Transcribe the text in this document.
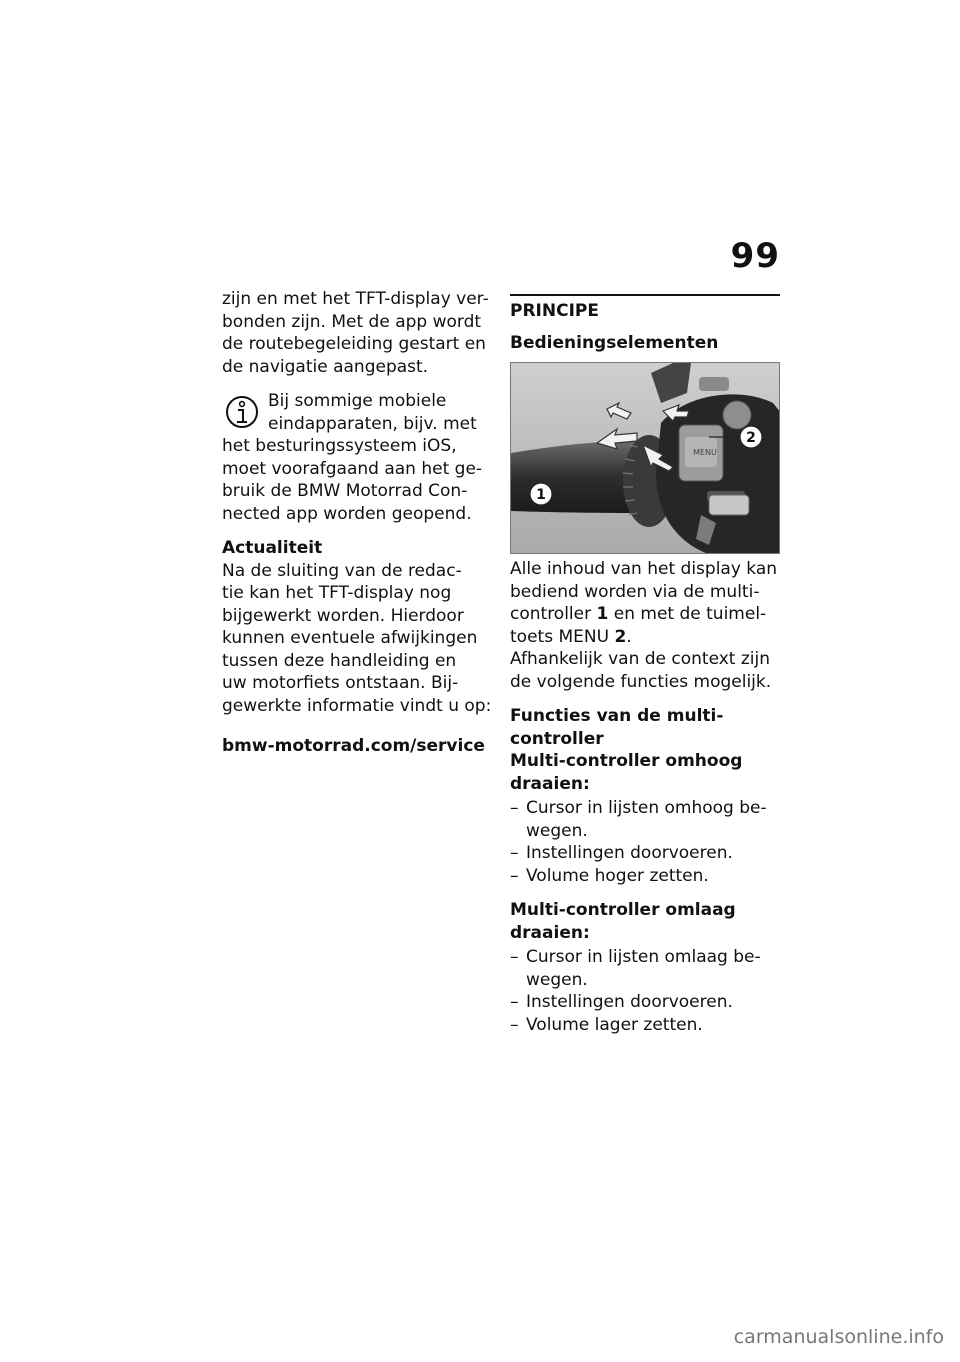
99

zijn en met het TFT-display ver-

bonden zijn. Met de app wordt

de routebegeleiding gestart en

de navigatie aangepast.

Bij sommige mobiele

eindapparaten, bijv. met

het besturingssysteem iOS,

moet voorafgaand aan het ge-

bruik de BMW Motorrad Con-

nected app worden geopend.

Actualiteit

Na de sluiting van de redac-

tie kan het TFT-display nog

bijgewerkt worden. Hierdoor

kunnen eventuele afwijkingen

tussen deze handleiding en

uw motorfiets ontstaan. Bij-

gewerkte informatie vindt u op:

bmw-motorrad.com/service

PRINCIPE
Bedieningselementen
MENU
1
2

Alle inhoud van het display kan

bediend worden via de multi-

controller 1 en met de tuimel-

toets MENU 2.

Afhankelijk van de context zijn

de volgende functies mogelijk.

Functies van de multi-

controller

Multi-controller omhoog

draaien:

– Cursor in lijsten omhoog be-wegen.
– Instellingen doorvoeren.
– Volume hoger zetten.

Multi-controller omlaag

draaien:

– Cursor in lijsten omlaag be-wegen.
– Instellingen doorvoeren.
– Volume lager zetten.
carmanualsonline.info
